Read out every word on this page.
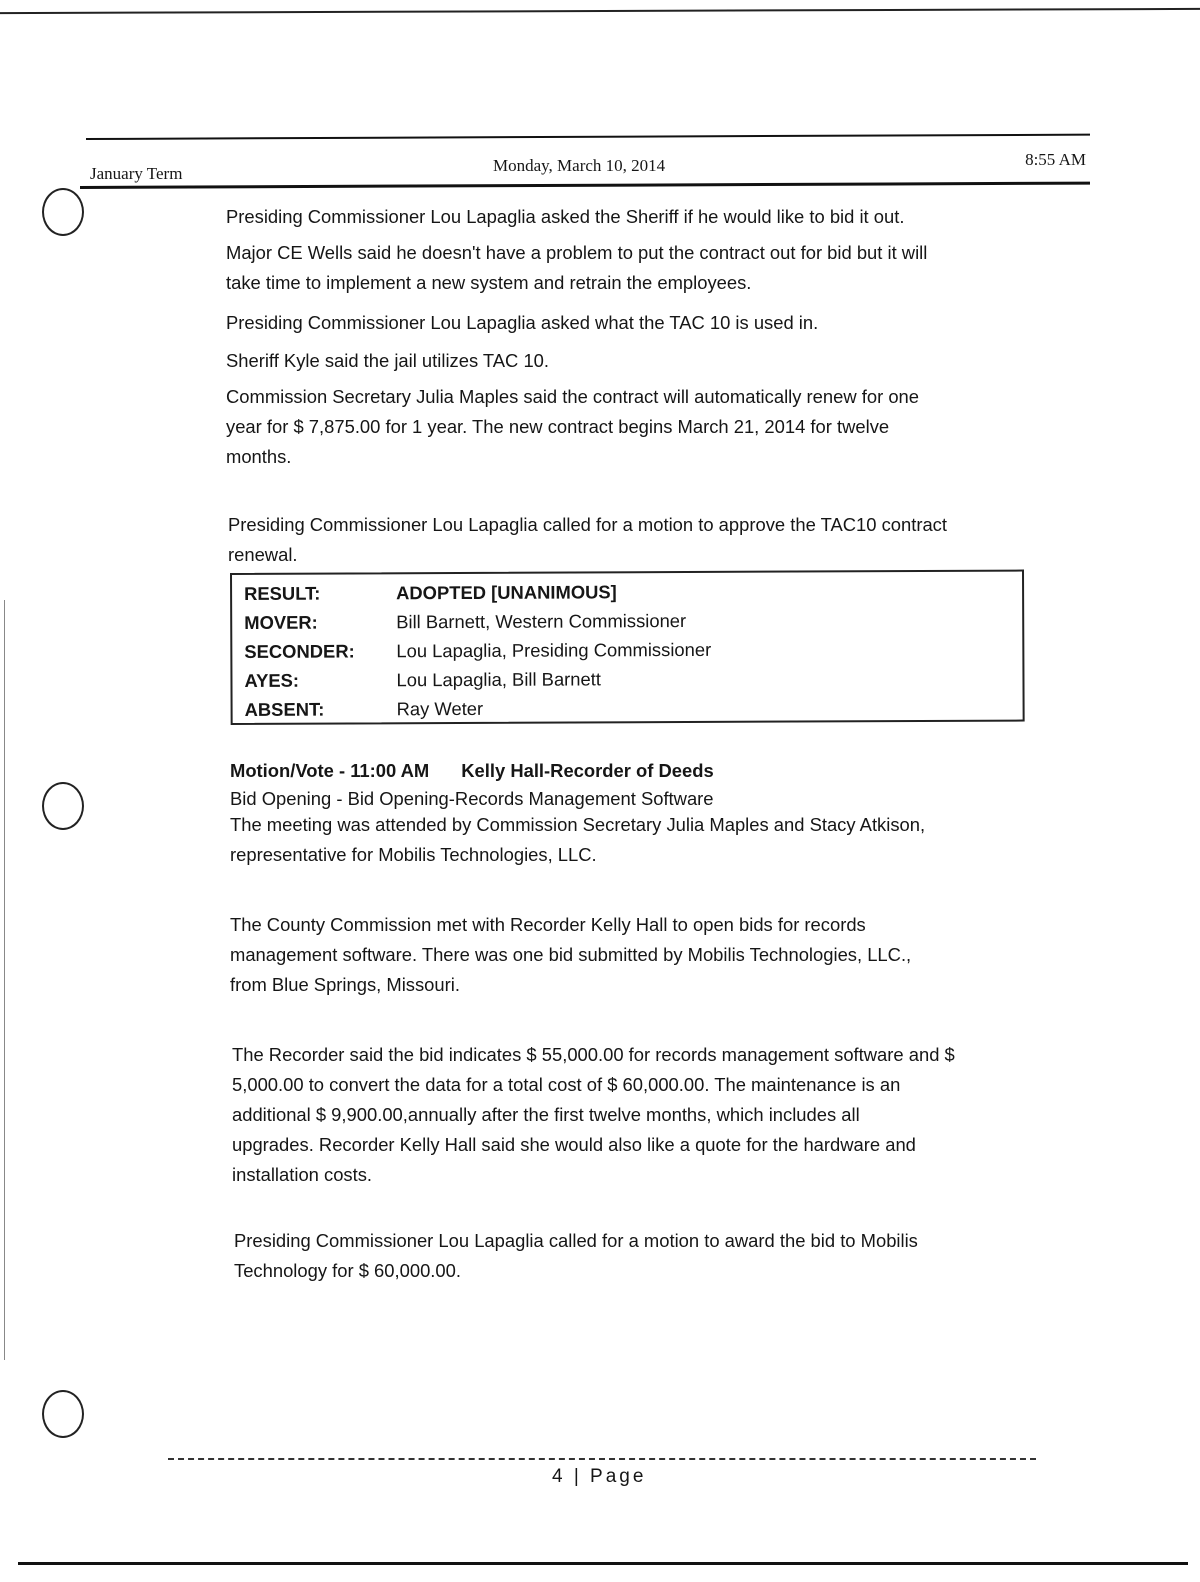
January Term	Monday, March 10, 2014	8:55 AM

Presiding Commissioner Lou Lapaglia asked the Sheriff if he would like to bid it out.

Major CE Wells said he doesn't have a problem to put the contract out for bid but it will
take time to implement a new system and retrain the employees.

Presiding Commissioner Lou Lapaglia asked what the TAC 10 is used in.

Sheriff Kyle said the jail utilizes TAC 10.

Commission Secretary Julia Maples said the contract will automatically renew for one
year for $ 7,875.00 for 1 year. The new contract begins March 21, 2014 for twelve
months.

Presiding Commissioner Lou Lapaglia called for a motion to approve the TAC10 contract
renewal.

RESULT:	ADOPTED [UNANIMOUS]
MOVER:	Bill Barnett, Western Commissioner
SECONDER: Lou Lapaglia, Presiding Commissioner
AYES:	Lou Lapaglia, Bill Barnett
ABSENT:	Ray Weter

Motion/Vote - 11:00 AM Kelly Hall-Recorder of Deeds

Bid Opening - Bid Opening-Records Management Software

The meeting was attended by Commission Secretary Julia Maples and Stacy Atkison,
representative for Mobilis Technologies, LLC.

The County Commission met with Recorder Kelly Hall to open bids for records
management software. There was one bid submitted by Mobilis Technologies, LLC.,
from Blue Springs, Missouri.

The Recorder said the bid indicates $ 55,000.00 for records management software and $
5,000.00 to convert the data for a total cost of $ 60,000.00. The maintenance is an
additional $ 9,900.00,annually after the first twelve months, which includes all
upgrades. Recorder Kelly Hall said she would also like a quote for the hardware and
installation costs.

Presiding Commissioner Lou Lapaglia called for a motion to award the bid to Mobilis
Technology for $ 60,000.00.

4 | Page
